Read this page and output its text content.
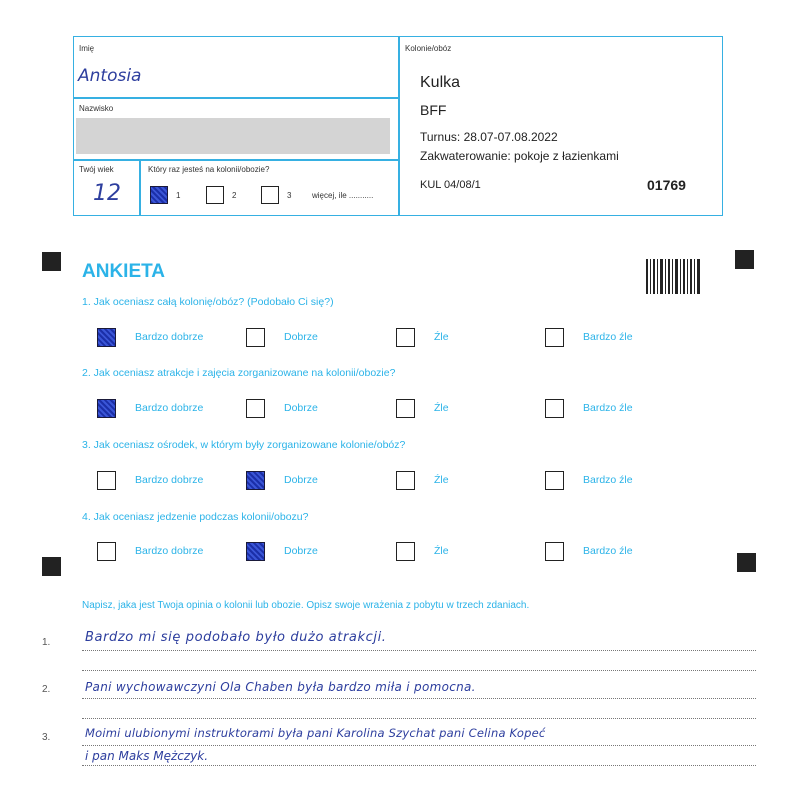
Imię
Antosia
Nazwisko
Twój wiek
12
Który raz jesteś na kolonii/obozie?
więcej, ile ...........
Kolonie/obóz
Kulka
BFF
Turnus: 28.07-07.08.2022
Zakwaterowanie: pokoje z łazienkami
KUL 04/08/1	01769
ANKIETA
Napisz, jaka jest Twoja opinia o kolonii lub obozie. Opisz swoje wrażenia z pobytu w trzech zdaniach.
1.
2.
3.
Bardzo mi się podobało było dużo atrakcji.
Pani wychowawczyni Ola Chaben była bardzo miła i pomocna.
Moimi ulubionymi instruktorami była pani Karolina Szychat pani Celina Kopeć
i pan Maks Mężczyk.
1	2	3
1. Jak oceniasz całą kolonię/obóz? (Podobało Ci się?)
Bardzo dobrze	Dobrze	Źle	Bardzo źle
2. Jak oceniasz atrakcje i zajęcia zorganizowane na kolonii/obozie?
Bardzo dobrze	Dobrze	Źle	Bardzo źle
3. Jak oceniasz ośrodek, w którym były zorganizowane kolonie/obóz?
Bardzo dobrze	Dobrze	Źle	Bardzo źle
4. Jak oceniasz jedzenie podczas kolonii/obozu?
Bardzo dobrze	Dobrze	Źle	Bardzo źle
